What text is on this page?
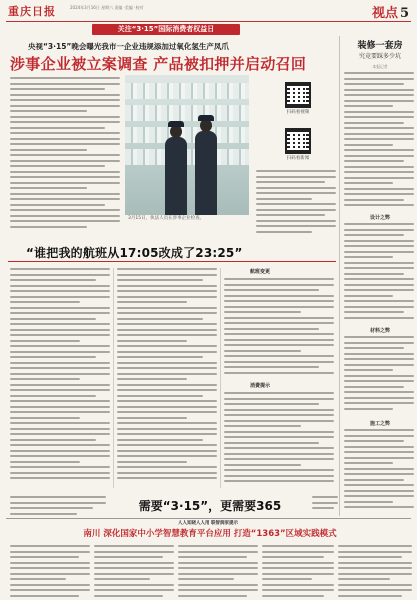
重庆日报	2024年3月16日 星期六 责编 ·美编 ·校对	视点 5
关注“3·15”国际消费者权益日
央视“3·15”晚会曝光我市一企业违规添加过氧化氢生产凤爪
涉事企业被立案调查 产品被扣押并启动召回
3月15日，执法人员在涉事企业检查。
扫码看视频
扫码看新闻
装修一套房
究竟要踩多少坑
本报记者
设计之弊
材料之弊
施工之弊
“谁把我的航班从17:05改成了23:25”
航班变更
消费提示
需要“3·15”，更需要365
人人知晓人人用 联智润家提示
南川 深化国家中小学智慧教育平台应用 打造“1363”区域实践模式
